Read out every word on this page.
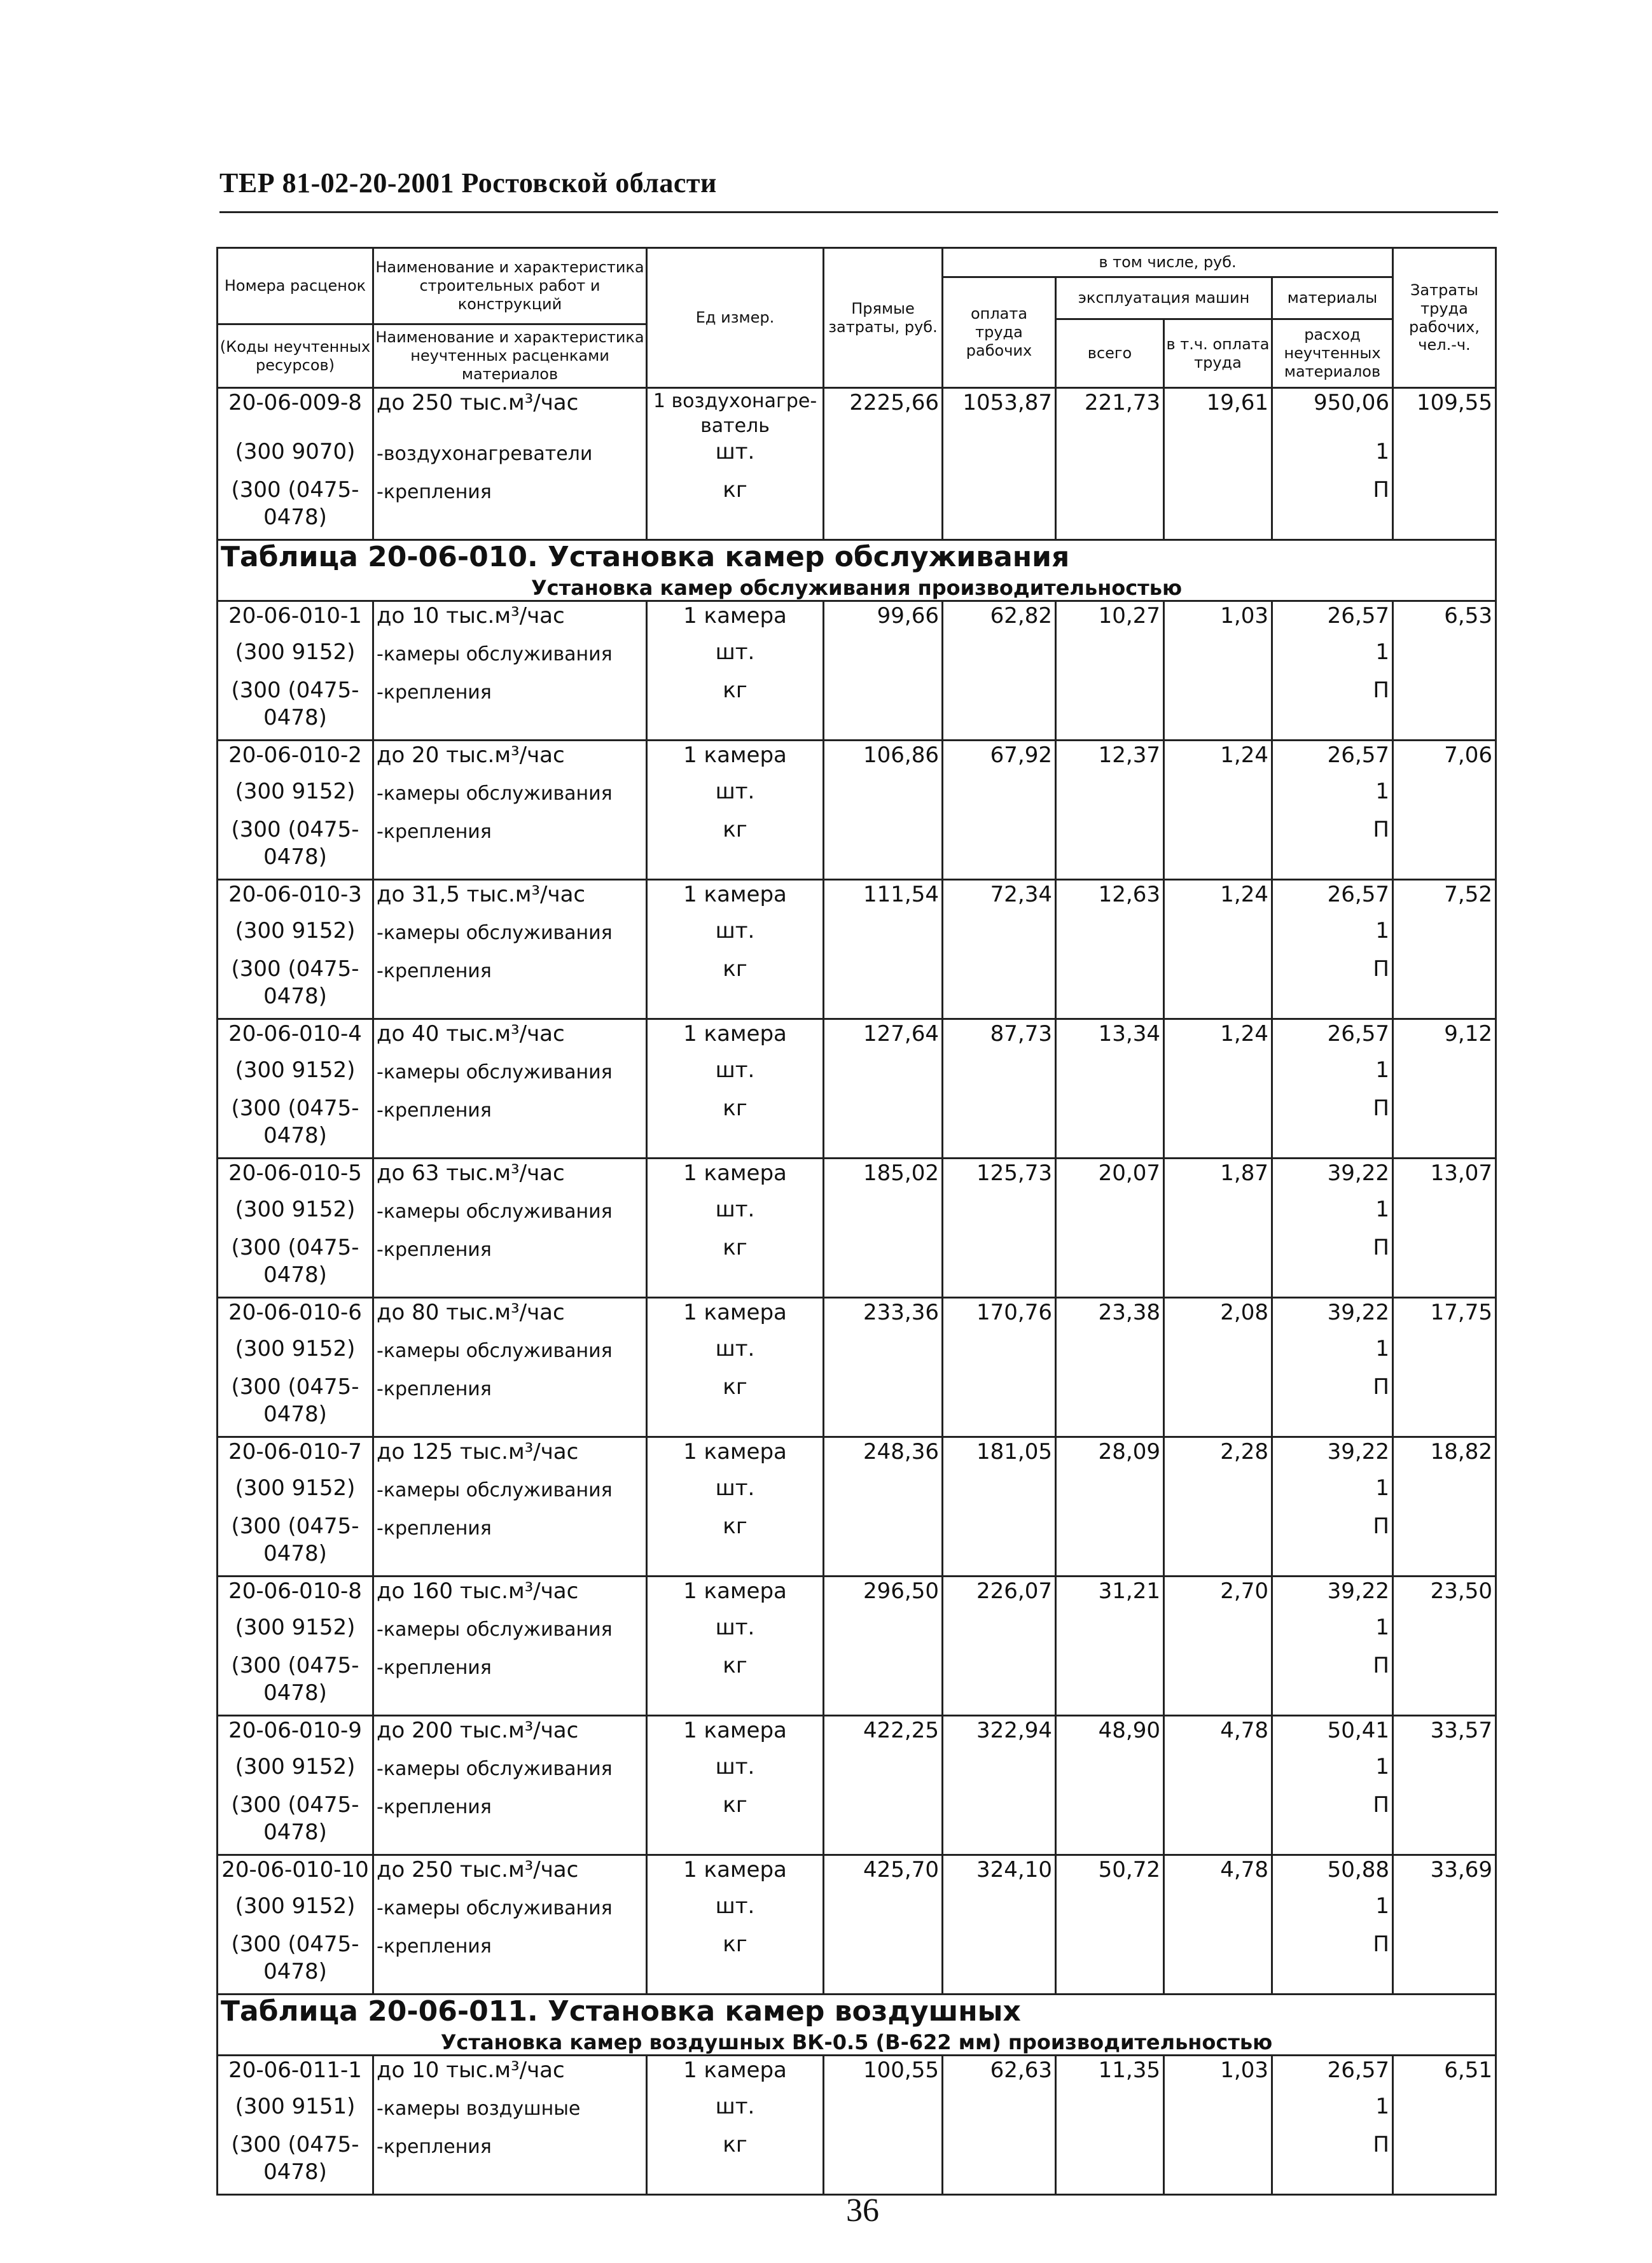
ТЕР 81-02-20-2001 Ростовской области
Номера расценок	Наименование и характеристика строительных работ и конструкций	Ед измер.	Прямые затраты, руб.	в том числе, руб.				Затраты труда рабочих, чел.-ч.
				оплата труда рабочих	эксплуатация машин		материалы	
					всего	в т.ч. оплата труда	расход неучтенных материалов	
(Коды неучтенных ресурсов)	Наименование и характеристика неучтенных расценками материалов							

20-06-009-8	до 250 тыс.м³/час	1 воздухонагре-ватель	2225,66	1053,87	221,73	19,61	950,06	109,55
(300 9070)	-воздухонагреватели	шт.					1	
(300 (0475-0478)	-крепления	кг					П	

Таблица 20-06-010. Установка камер обслуживания
Установка камер обслуживания производительностью								

20-06-010-1	до 10 тыс.м³/час	1 камера	99,66	62,82	10,27	1,03	26,57	6,53
(300 9152)	-камеры обслуживания	шт.					1	
(300 (0475-0478)	-крепления	кг					П	
20-06-010-2	до 20 тыс.м³/час	1 камера	106,86	67,92	12,37	1,24	26,57	7,06
(300 9152)	-камеры обслуживания	шт.					1	
(300 (0475-0478)	-крепления	кг					П	
20-06-010-3	до 31,5 тыс.м³/час	1 камера	111,54	72,34	12,63	1,24	26,57	7,52
(300 9152)	-камеры обслуживания	шт.					1	
(300 (0475-0478)	-крепления	кг					П	
20-06-010-4	до 40 тыс.м³/час	1 камера	127,64	87,73	13,34	1,24	26,57	9,12
(300 9152)	-камеры обслуживания	шт.					1	
(300 (0475-0478)	-крепления	кг					П	
20-06-010-5	до 63 тыс.м³/час	1 камера	185,02	125,73	20,07	1,87	39,22	13,07
(300 9152)	-камеры обслуживания	шт.					1	
(300 (0475-0478)	-крепления	кг					П	
20-06-010-6	до 80 тыс.м³/час	1 камера	233,36	170,76	23,38	2,08	39,22	17,75
(300 9152)	-камеры обслуживания	шт.					1	
(300 (0475-0478)	-крепления	кг					П	
20-06-010-7	до 125 тыс.м³/час	1 камера	248,36	181,05	28,09	2,28	39,22	18,82
(300 9152)	-камеры обслуживания	шт.					1	
(300 (0475-0478)	-крепления	кг					П	
20-06-010-8	до 160 тыс.м³/час	1 камера	296,50	226,07	31,21	2,70	39,22	23,50
(300 9152)	-камеры обслуживания	шт.					1	
(300 (0475-0478)	-крепления	кг					П	
20-06-010-9	до 200 тыс.м³/час	1 камера	422,25	322,94	48,90	4,78	50,41	33,57
(300 9152)	-камеры обслуживания	шт.					1	
(300 (0475-0478)	-крепления	кг					П	
20-06-010-10	до 250 тыс.м³/час	1 камера	425,70	324,10	50,72	4,78	50,88	33,69
(300 9152)	-камеры обслуживания	шт.					1	
(300 (0475-0478)	-крепления	кг					П	

Таблица 20-06-011. Установка камер воздушных
Установка камер воздушных ВК-0.5 (В-622 мм) производительностью								

20-06-011-1	до 10 тыс.м³/час	1 камера	100,55	62,63	11,35	1,03	26,57	6,51
(300 9151)	-камеры воздушные	шт.					1	
(300 (0475-0478)	-крепления	кг					П	

36
